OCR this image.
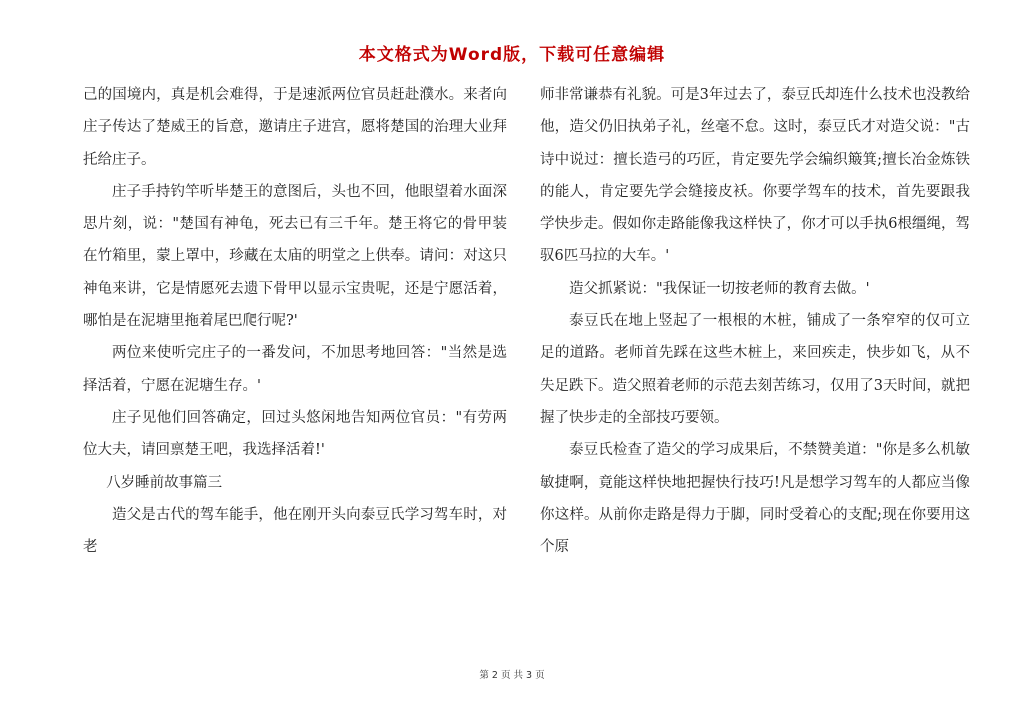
本文格式为Word版，下载可任意编辑

己的国境内，真是机会难得，于是速派两位官员赶赴濮水。来者向庄子传达了楚威王的旨意，邀请庄子进宫，愿将楚国的治理大业拜托给庄子。

庄子手持钓竿听毕楚王的意图后，头也不回，他眼望着水面深思片刻，说："楚国有神龟，死去已有三千年。楚王将它的骨甲装在竹箱里，蒙上罩中，珍藏在太庙的明堂之上供奉。请问：对这只神龟来讲，它是情愿死去遗下骨甲以显示宝贵呢，还是宁愿活着，哪怕是在泥塘里拖着尾巴爬行呢?'

两位来使听完庄子的一番发问，不加思考地回答："当然是选择活着，宁愿在泥塘生存。'

庄子见他们回答确定，回过头悠闲地告知两位官员："有劳两位大夫，请回禀楚王吧，我选择活着!'

八岁睡前故事篇三

造父是古代的驾车能手，他在刚开头向泰豆氏学习驾车时，对老

师非常谦恭有礼貌。可是3年过去了，泰豆氏却连什么技术也没教给他，造父仍旧执弟子礼，丝毫不怠。这时，泰豆氏才对造父说："古诗中说过：擅长造弓的巧匠，肯定要先学会编织簸箕;擅长冶金炼铁的能人，肯定要先学会缝接皮袄。你要学驾车的技术，首先要跟我学快步走。假如你走路能像我这样快了，你才可以手执6根缰绳，驾驭6匹马拉的大车。'

造父抓紧说："我保证一切按老师的教育去做。'

泰豆氏在地上竖起了一根根的木桩，铺成了一条窄窄的仅可立足的道路。老师首先踩在这些木桩上，来回疾走，快步如飞，从不失足跌下。造父照着老师的示范去刻苦练习，仅用了3天时间，就把握了快步走的全部技巧要领。

泰豆氏检查了造父的学习成果后，不禁赞美道："你是多么机敏敏捷啊，竟能这样快地把握快行技巧!凡是想学习驾车的人都应当像你这样。从前你走路是得力于脚，同时受着心的支配;现在你要用这个原

第 2 页 共 3 页
